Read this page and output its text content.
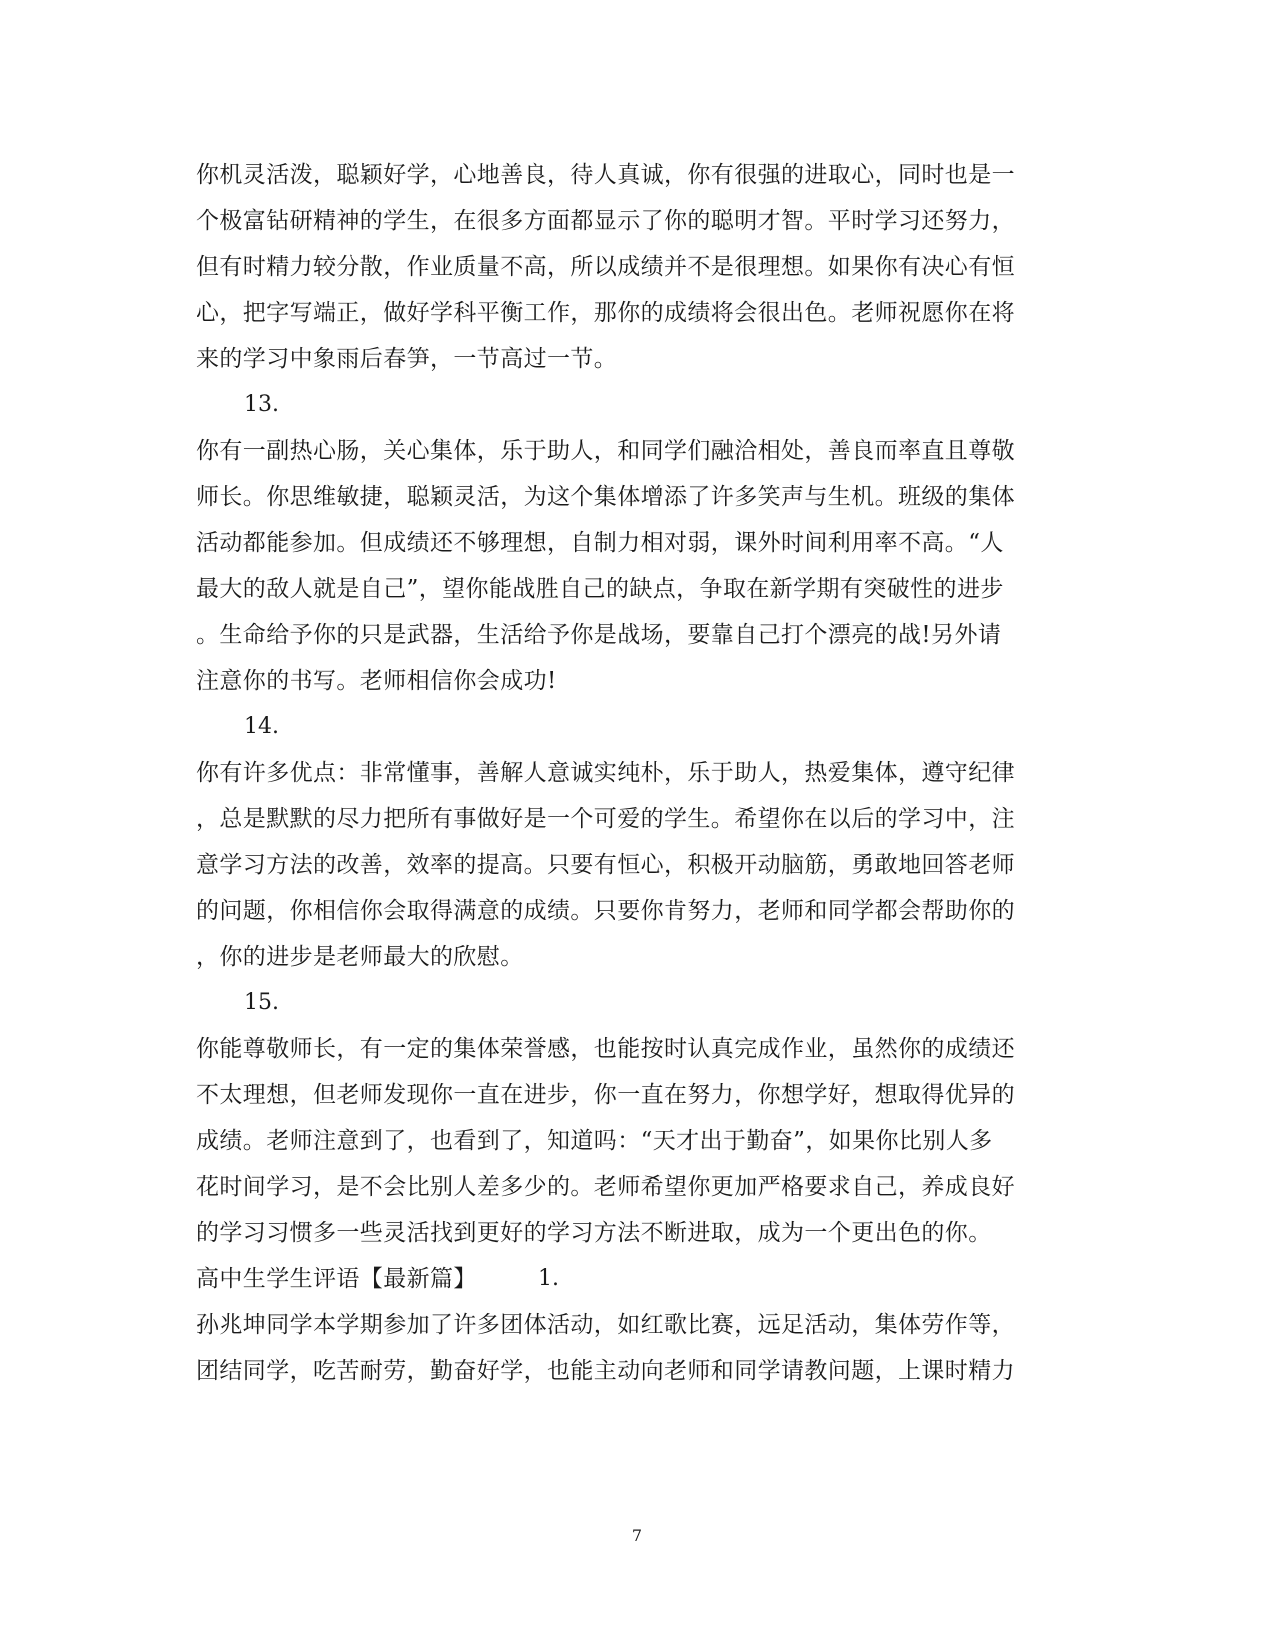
你机灵活泼，聪颖好学，心地善良，待人真诚，你有很强的进取心，同时也是一
个极富钻研精神的学生，在很多方面都显示了你的聪明才智。平时学习还努力，
但有时精力较分散，作业质量不高，所以成绩并不是很理想。如果你有决心有恒
心，把字写端正，做好学科平衡工作，那你的成绩将会很出色。老师祝愿你在将
来的学习中象雨后春笋，一节高过一节。
13.
你有一副热心肠，关心集体，乐于助人，和同学们融洽相处，善良而率直且尊敬
师长。你思维敏捷，聪颖灵活，为这个集体增添了许多笑声与生机。班级的集体
活动都能参加。但成绩还不够理想，自制力相对弱，课外时间利用率不高。“人
最大的敌人就是自己”，望你能战胜自己的缺点，争取在新学期有突破性的进步
。生命给予你的只是武器，生活给予你是战场，要靠自己打个漂亮的战!另外请
注意你的书写。老师相信你会成功!
14.
你有许多优点：非常懂事，善解人意诚实纯朴，乐于助人，热爱集体，遵守纪律
，总是默默的尽力把所有事做好是一个可爱的学生。希望你在以后的学习中，注
意学习方法的改善，效率的提高。只要有恒心，积极开动脑筋，勇敢地回答老师
的问题，你相信你会取得满意的成绩。只要你肯努力，老师和同学都会帮助你的
，你的进步是老师最大的欣慰。
15.
你能尊敬师长，有一定的集体荣誉感，也能按时认真完成作业，虽然你的成绩还
不太理想，但老师发现你一直在进步，你一直在努力，你想学好，想取得优异的
成绩。老师注意到了，也看到了，知道吗：“天才出于勤奋”，如果你比别人多
花时间学习，是不会比别人差多少的。老师希望你更加严格要求自己，养成良好
的学习习惯多一些灵活找到更好的学习方法不断进取，成为一个更出色的你。
高中生学生评语【最新篇】	1.
孙兆坤同学本学期参加了许多团体活动，如红歌比赛，远足活动，集体劳作等，
团结同学，吃苦耐劳，勤奋好学，也能主动向老师和同学请教问题，上课时精力
7
